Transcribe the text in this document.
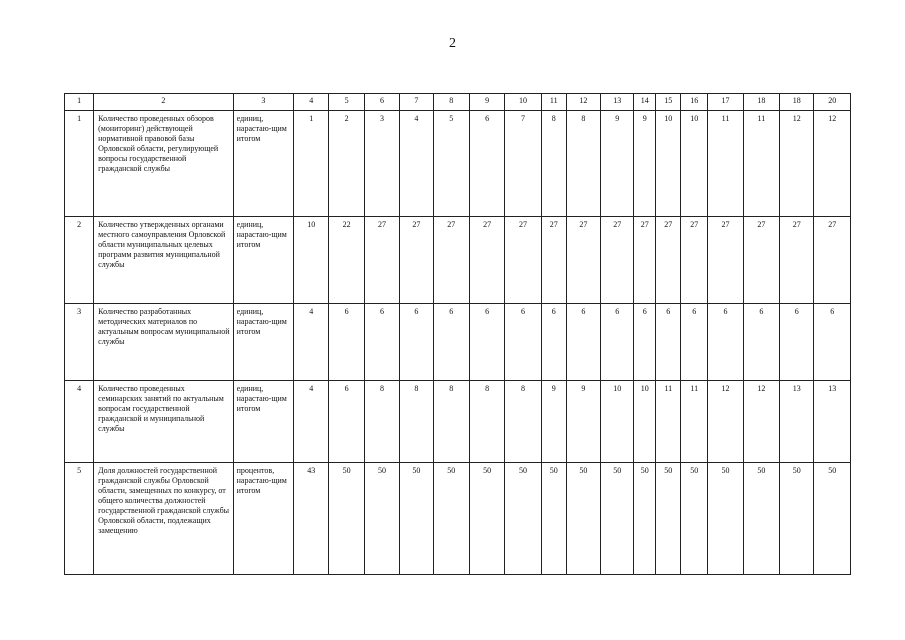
2
1	2	3	4	5	6	7	8	9	10	11	12	13	14	15	16	17	18	18	20
1	Количество проведенных обзоров (мониторинг) действующей нормативной правовой базы Орловской области, регулирующей вопросы государственной гражданской службы	единиц, нарастаю-щим итогом	1	2	3	4	5	6	7	8	8	9	9	10	10	11	11	12	12
2	Количество утвержденных органами местного самоуправления Орловской области муниципальных целевых программ развития муниципальной службы	единиц, нарастаю-щим итогом	10	22	27	27	27	27	27	27	27	27	27	27	27	27	27	27	27
3	Количество разработанных методических материалов по актуальным вопросам муниципальной службы	единиц, нарастаю-щим итогом	4	6	6	6	6	6	6	6	6	6	6	6	6	6	6	6	6
4	Количество проведенных семинарских занятий по актуальным вопросам государственной гражданской и муниципальной службы	единиц, нарастаю-щим итогом	4	6	8	8	8	8	8	9	9	10	10	11	11	12	12	13	13
5	Доля должностей государственной гражданской службы Орловской области, замещенных по конкурсу, от общего количества должностей государственной гражданской службы Орловской области, подлежащих замещению	процентов, нарастаю-щим итогом	43	50	50	50	50	50	50	50	50	50	50	50	50	50	50	50	50
